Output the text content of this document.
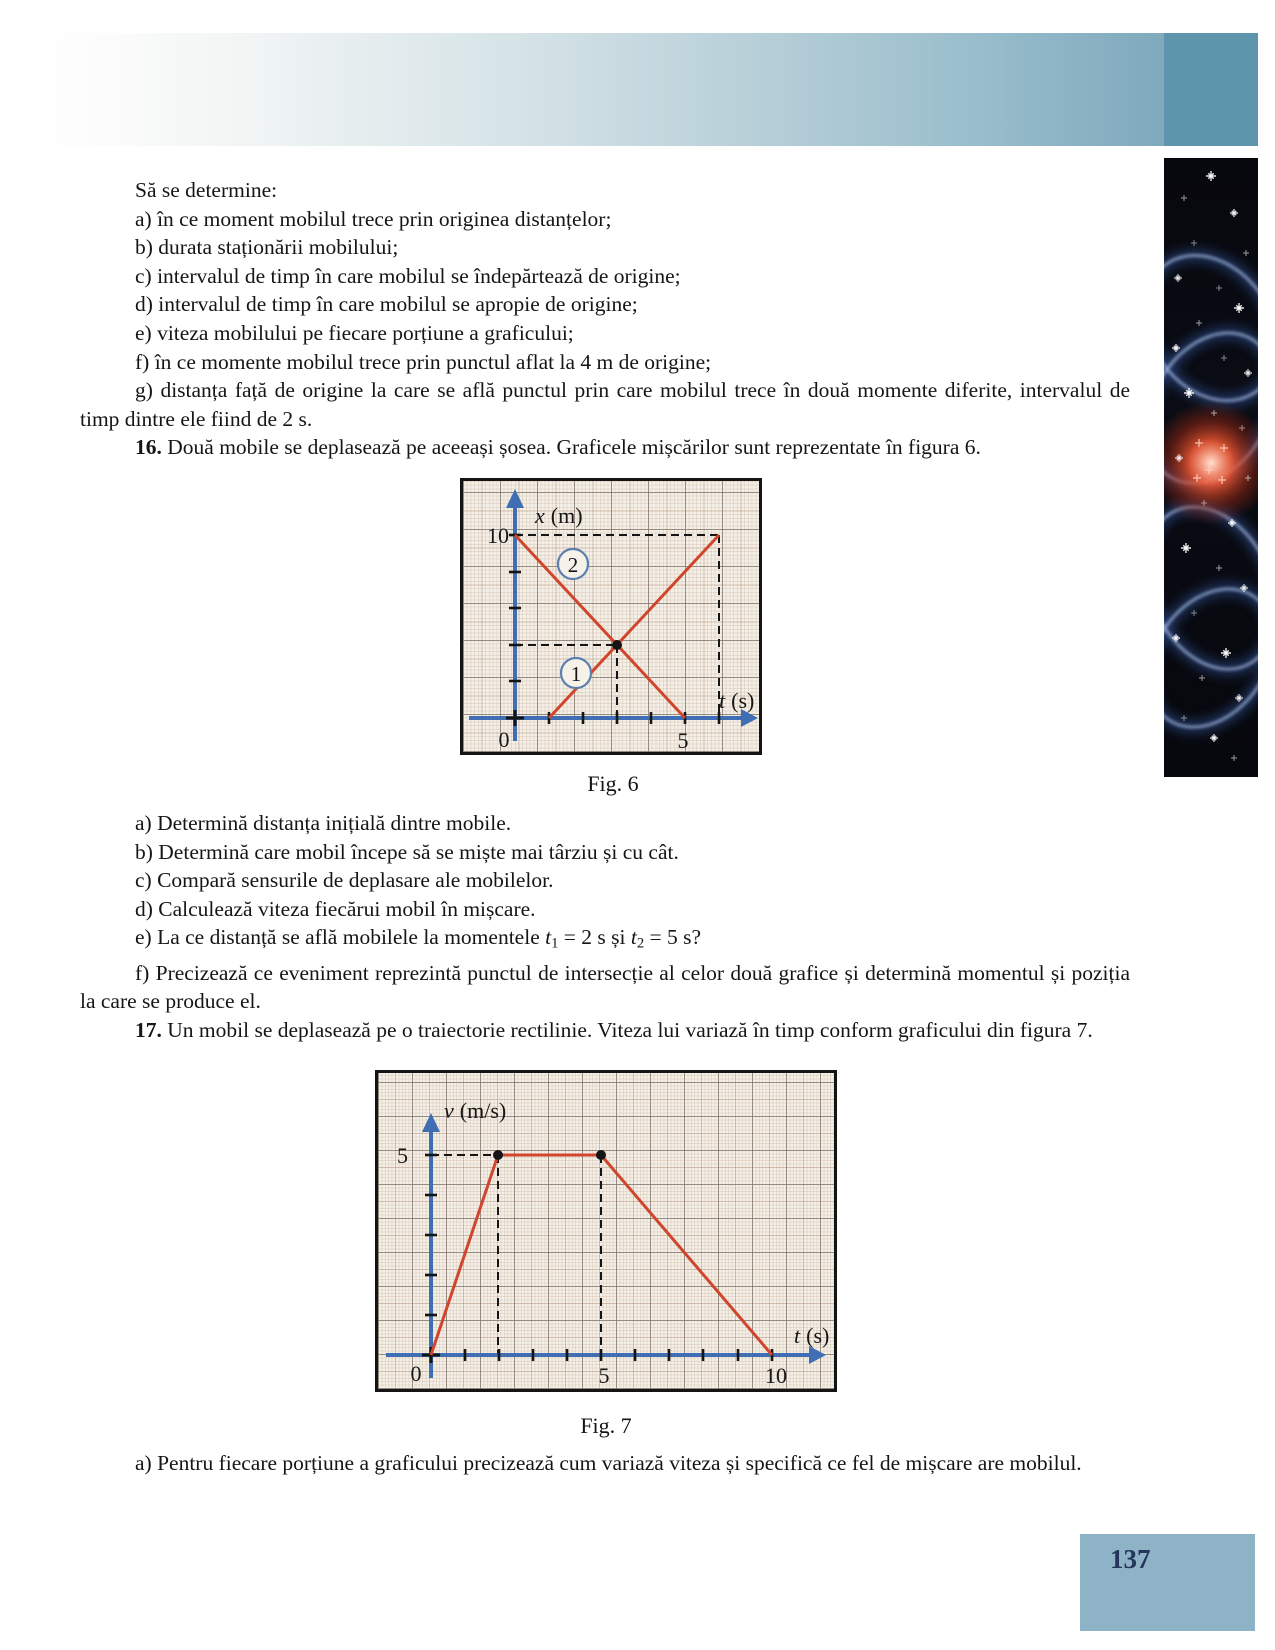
Să se determine:
a) în ce moment mobilul trece prin originea distanțelor;
b) durata staționării mobilului;
c) intervalul de timp în care mobilul se îndepărtează de origine;
d) intervalul de timp în care mobilul se apropie de origine;
e) viteza mobilului pe fiecare porțiune a graficului;
f) în ce momente mobilul trece prin punctul aflat la 4 m de origine;
g) distanța față de origine la care se află punctul prin care mobilul trece în două momente diferite, intervalul de timp dintre ele fiind de 2 s.
16. Două mobile se deplasează pe aceeași șosea. Graficele mișcărilor sunt reprezentate în figura 6.
2
1
x (m)
t (s)
10
0	5
Fig. 6
a) Determină distanța inițială dintre mobile.
b) Determină care mobil începe să se miște mai târziu și cu cât.
c) Compară sensurile de deplasare ale mobilelor.
d) Calculează viteza fiecărui mobil în mișcare.
e) La ce distanță se află mobilele la momentele $t_1 = 2$ s și $t_2 = 5$ s?
f) Precizează ce eveniment reprezintă punctul de intersecție al celor două grafice și determină momentul și poziția la care se produce el.
17. Un mobil se deplasează pe o traiectorie rectilinie. Viteza lui variază în timp conform graficului din figura 7.
v (m/s)
t (s)
5
0	5	10
Fig. 7
a) Pentru fiecare porțiune a graficului precizează cum variază viteza și specifică ce fel de mișcare are mobilul.
137
